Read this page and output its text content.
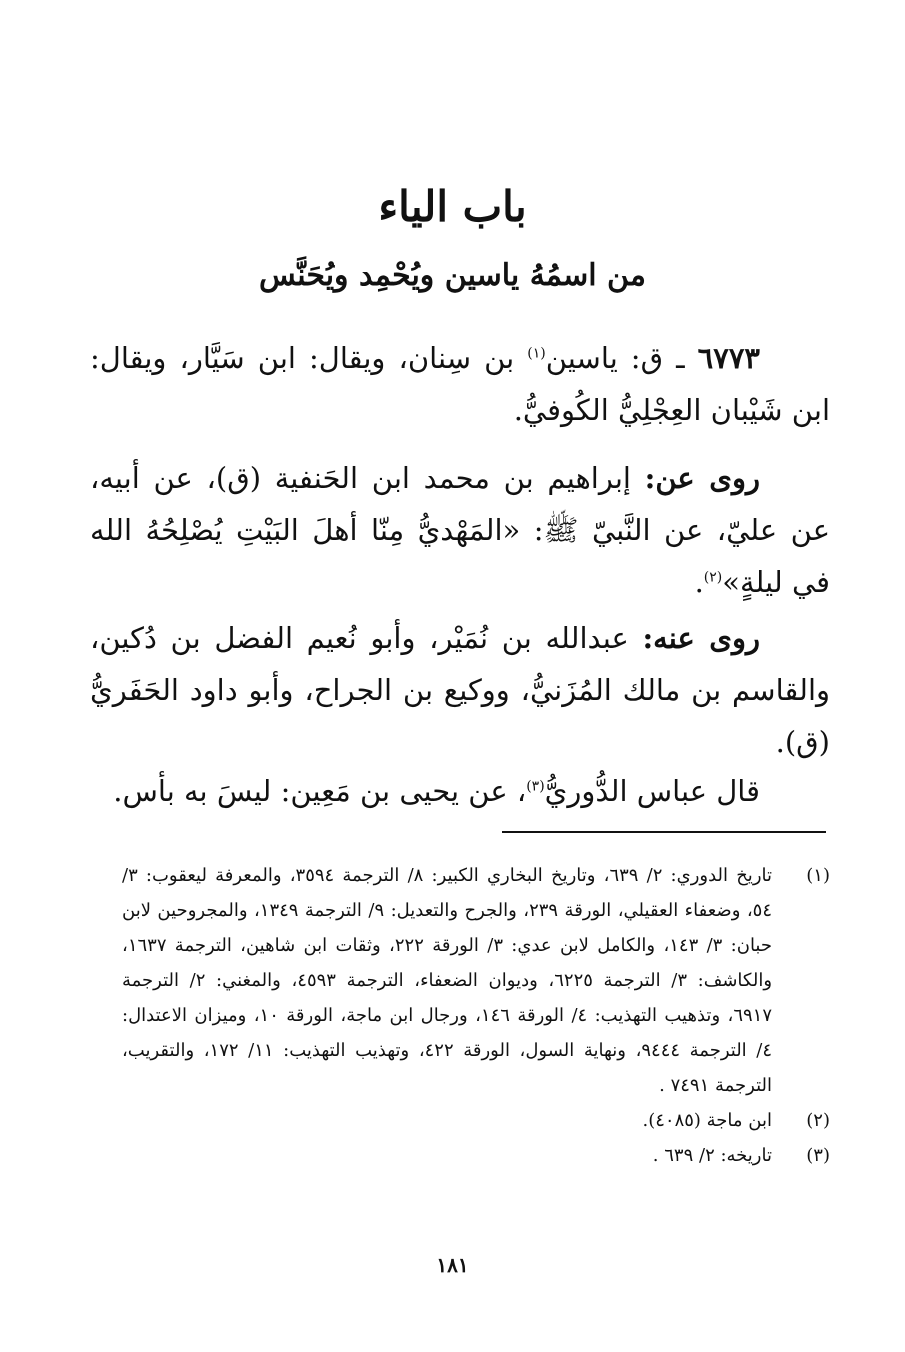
باب الياء
من اسمُهُ ياسين ويُحْمِد ويُحَنَّس

٦٧٧٣ ـ ق: ياسين$^{(١)}$ بن سِنان، ويقال: ابن سَيَّار، ويقال: ابن شَيْبان العِجْلِيُّ الكُوفيُّ.

روى عن: إبراهيم بن محمد ابن الحَنفية (ق)، عن أبيه، عن عليّ، عن النَّبيّ ﷺ: «المَهْديُّ مِنّا أهلَ البَيْتِ يُصْلِحُهُ الله في ليلةٍ»$^{(٢)}$.

روى عنه: عبدالله بن نُمَيْر، وأبو نُعيم الفضل بن دُكين، والقاسم بن مالك المُزَنيُّ، ووكيع بن الجراح، وأبو داود الحَفَريُّ (ق).

قال عباس الدُّوريُّ$^{(٣)}$، عن يحيى بن مَعِين: ليسَ به بأس.

(١)
تاريخ الدوري: ٢/ ٦٣٩، وتاريخ البخاري الكبير: ٨/ الترجمة ٣٥٩٤، والمعرفة ليعقوب: ٣/ ٥٤، وضعفاء العقيلي، الورقة ٢٣٩، والجرح والتعديل: ٩/ الترجمة ١٣٤٩، والمجروحين لابن حبان: ٣/ ١٤٣، والكامل لابن عدي: ٣/ الورقة ٢٢٢، وثقات ابن شاهين، الترجمة ١٦٣٧، والكاشف: ٣/ الترجمة ٦٢٢٥، وديوان الضعفاء، الترجمة ٤٥٩٣، والمغني: ٢/ الترجمة ٦٩١٧، وتذهيب التهذيب: ٤/ الورقة ١٤٦، ورجال ابن ماجة، الورقة ١٠، وميزان الاعتدال: ٤/ الترجمة ٩٤٤٤، ونهاية السول، الورقة ٤٢٢، وتهذيب التهذيب: ١١/ ١٧٢، والتقريب، الترجمة ٧٤٩١ .
(٢)
ابن ماجة (٤٠٨٥).
(٣)
تاريخه: ٢/ ٦٣٩ .
١٨١
